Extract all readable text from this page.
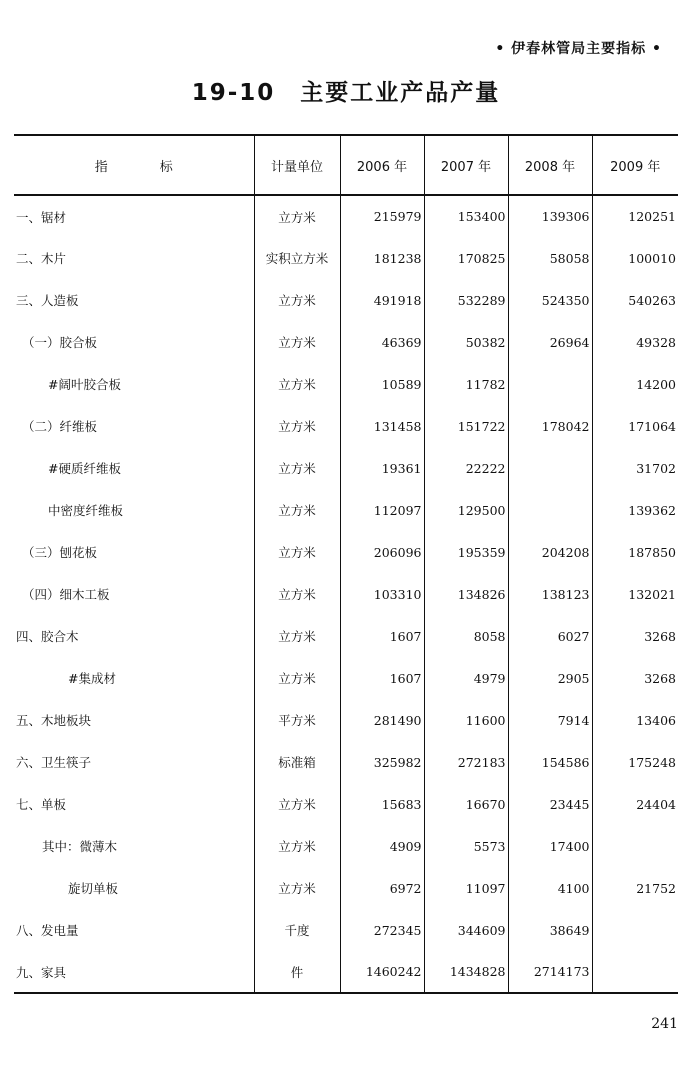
• 伊春林管局主要指标 •
19-10　主要工业产品产量
指　　　　标	计量单位	2006 年	2007 年	2008 年	2009 年
一、锯材	立方米	215979	153400	139306	120251
二、木片	实积立方米	181238	170825	58058	100010
三、人造板	立方米	491918	532289	524350	540263
（一）胶合板	立方米	46369	50382	26964	49328
#阔叶胶合板	立方米	10589	11782		14200
（二）纤维板	立方米	131458	151722	178042	171064
#硬质纤维板	立方米	19361	22222		31702
中密度纤维板	立方米	112097	129500		139362
（三）刨花板	立方米	206096	195359	204208	187850
（四）细木工板	立方米	103310	134826	138123	132021
四、胶合木	立方米	1607	8058	6027	3268
#集成材	立方米	1607	4979	2905	3268
五、木地板块	平方米	281490	11600	7914	13406
六、卫生筷子	标准箱	325982	272183	154586	175248
七、单板	立方米	15683	16670	23445	24404
其中：微薄木	立方米	4909	5573	17400	
旋切单板	立方米	6972	11097	4100	21752
八、发电量	千度	272345	344609	38649	
九、家具	件	1460242	1434828	2714173	
241
